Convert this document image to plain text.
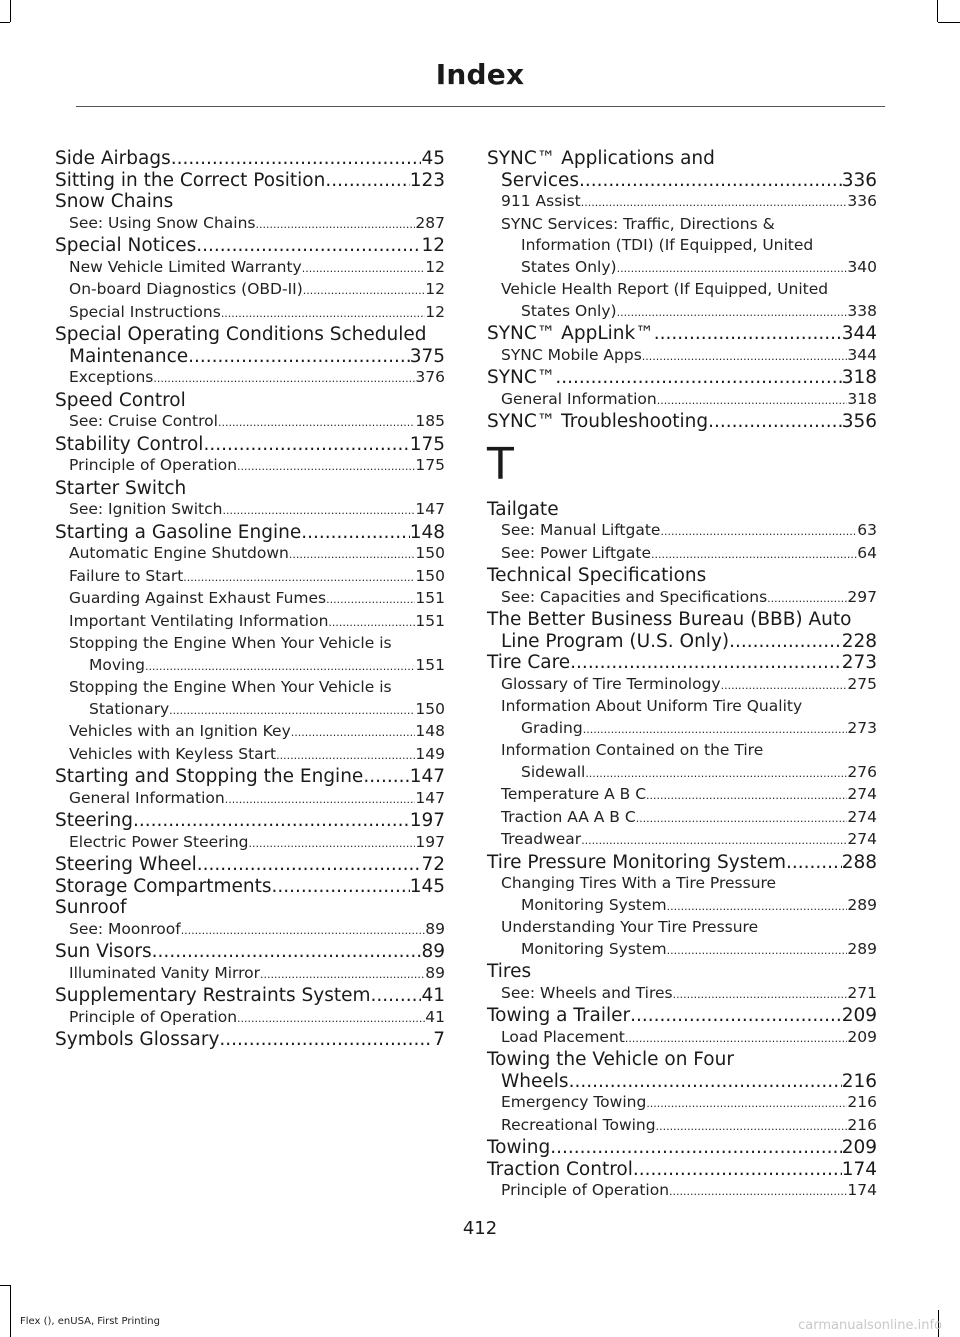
Index
Side Airbags .....	45
Sitting in the Correct Position .....	123
Snow Chains
See: Using Snow Chains .....	287
Special Notices .....	12
New Vehicle Limited Warranty .....	12
On-board Diagnostics (OBD-II) .....	12
Special Instructions .....	12
Special Operating Conditions Scheduled
Maintenance .....	375
Exceptions .....	376
Speed Control
See: Cruise Control .....	185
Stability Control .....	175
Principle of Operation .....	175
Starter Switch
See: Ignition Switch .....	147
Starting a Gasoline Engine .....	148
Automatic Engine Shutdown .....	150
Failure to Start .....	150
Guarding Against Exhaust Fumes .....	151
Important Ventilating Information .....	151
Stopping the Engine When Your Vehicle is
Moving .....	151
Stopping the Engine When Your Vehicle is
Stationary .....	150
Vehicles with an Ignition Key .....	148
Vehicles with Keyless Start .....	149
Starting and Stopping the Engine .....	147
General Information .....	147
Steering .....	197
Electric Power Steering .....	197
Steering Wheel .....	72
Storage Compartments .....	145
Sunroof
See: Moonroof .....	89
Sun Visors .....	89
Illuminated Vanity Mirror .....	89
Supplementary Restraints System .....	41
Principle of Operation .....	41
Symbols Glossary .....	7
SYNC™ Applications and
Services .....	336
911 Assist .....	336
SYNC Services: Traffic, Directions &
Information (TDI) (If Equipped, United
States Only) .....	340
Vehicle Health Report (If Equipped, United
States Only) .....	338
SYNC™ AppLink™ .....	344
SYNC Mobile Apps .....	344
SYNC™ .....	318
General Information .....	318
SYNC™ Troubleshooting .....	356
T
Tailgate
See: Manual Liftgate .....	63
See: Power Liftgate .....	64
Technical Specifications
See: Capacities and Specifications .....	297
The Better Business Bureau (BBB) Auto
Line Program (U.S. Only) .....	228
Tire Care .....	273
Glossary of Tire Terminology .....	275
Information About Uniform Tire Quality
Grading .....	273
Information Contained on the Tire
Sidewall .....	276
Temperature A B C .....	274
Traction AA A B C .....	274
Treadwear .....	274
Tire Pressure Monitoring System .....	288
Changing Tires With a Tire Pressure
Monitoring System .....	289
Understanding Your Tire Pressure
Monitoring System .....	289
Tires
See: Wheels and Tires .....	271
Towing a Trailer .....	209
Load Placement .....	209
Towing the Vehicle on Four
Wheels .....	216
Emergency Towing .....	216
Recreational Towing .....	216
Towing .....	209
Traction Control .....	174
Principle of Operation .....	174
412
Flex (), enUSA, First Printing	carmanualsonline.info
